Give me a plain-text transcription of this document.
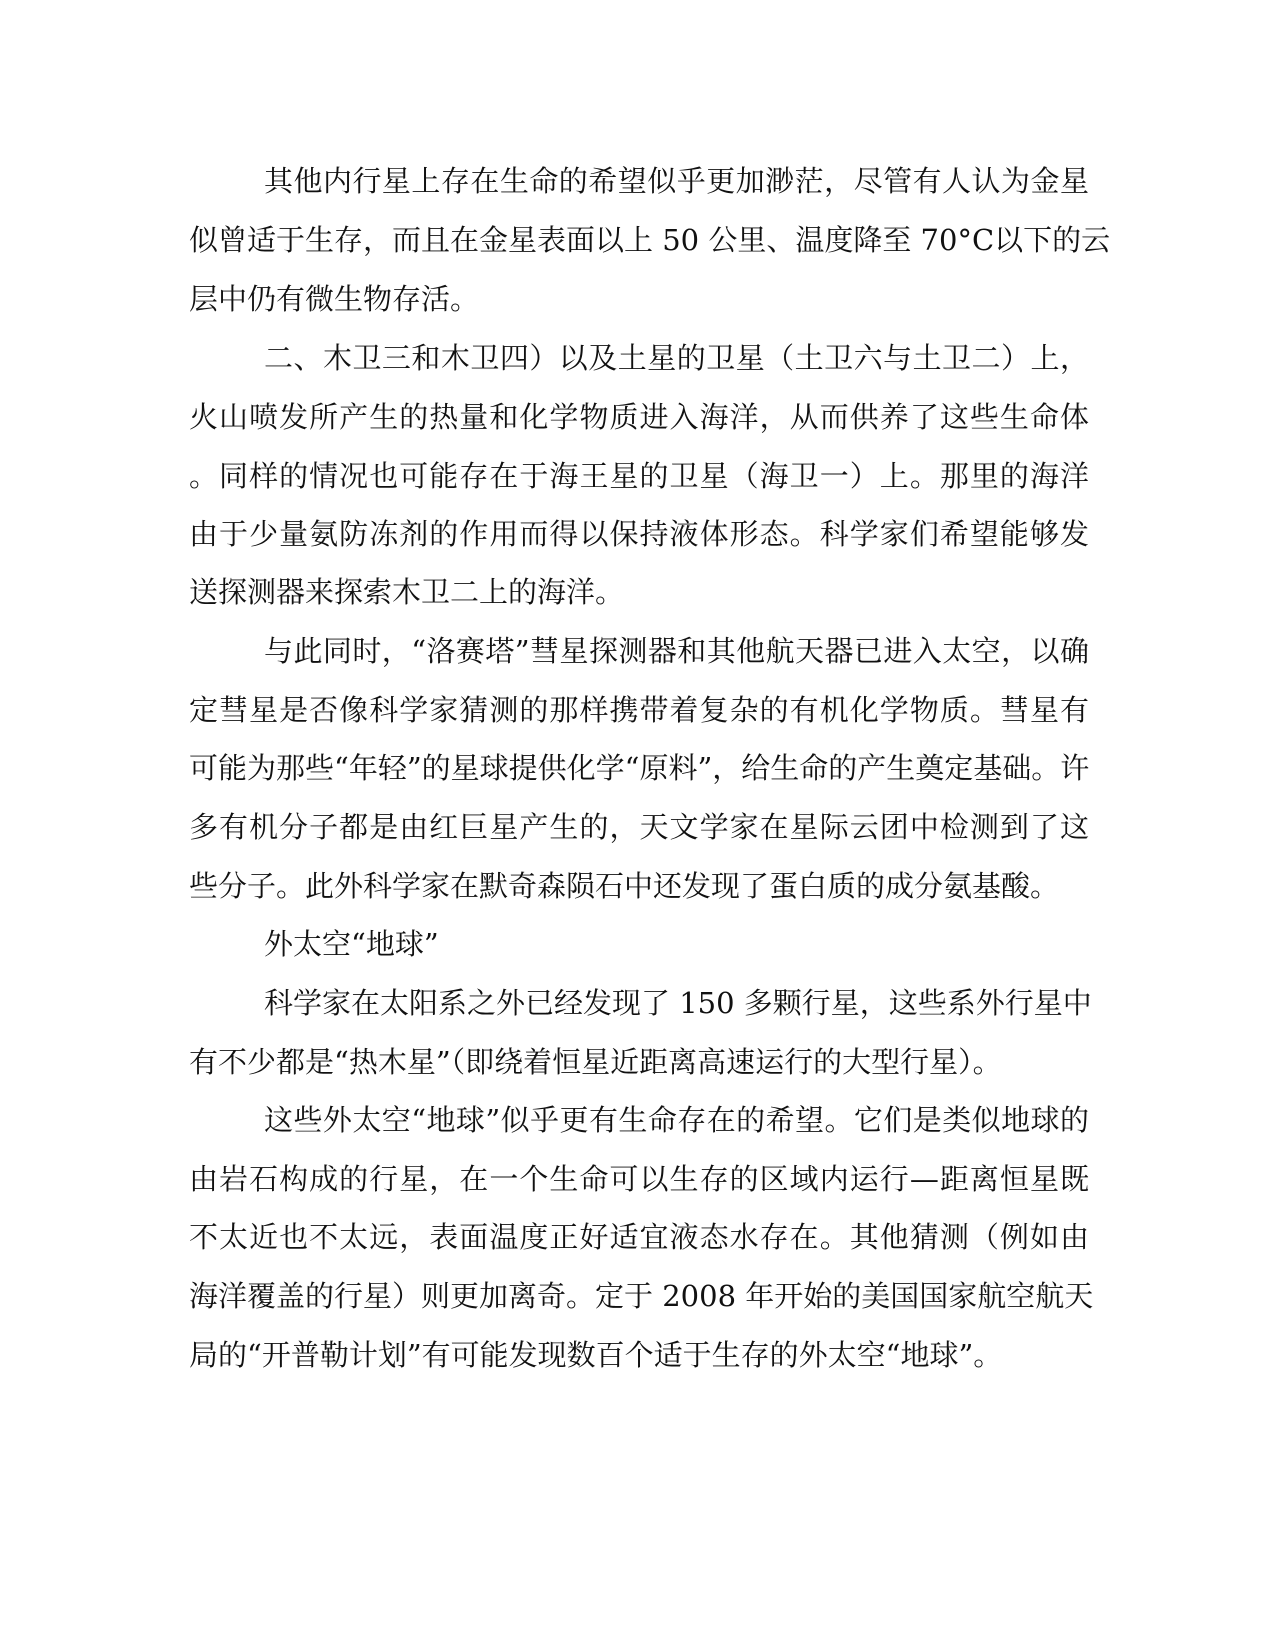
其他内行星上存在生命的希望似乎更加渺茫，尽管有人认为金星
似曾适于生存，而且在金星表面以上 50 公里、温度降至 70°C以下的云
层中仍有微生物存活。
二、木卫三和木卫四）以及土星的卫星（土卫六与土卫二）上，
火山喷发所产生的热量和化学物质进入海洋，从而供养了这些生命体
。同样的情况也可能存在于海王星的卫星（海卫一）上。那里的海洋
由于少量氨防冻剂的作用而得以保持液体形态。科学家们希望能够发
送探测器来探索木卫二上的海洋。
与此同时，“洛赛塔”彗星探测器和其他航天器已进入太空，以确
定彗星是否像科学家猜测的那样携带着复杂的有机化学物质。彗星有
可能为那些“年轻”的星球提供化学“原料”，给生命的产生奠定基础。许
多有机分子都是由红巨星产生的，天文学家在星际云团中检测到了这
些分子。此外科学家在默奇森陨石中还发现了蛋白质的成分氨基酸。
外太空“地球”
科学家在太阳系之外已经发现了 150 多颗行星，这些系外行星中
有不少都是“热木星”（即绕着恒星近距离高速运行的大型行星）。
这些外太空“地球”似乎更有生命存在的希望。它们是类似地球的
由岩石构成的行星，在一个生命可以生存的区域内运行—距离恒星既
不太近也不太远，表面温度正好适宜液态水存在。其他猜测（例如由
海洋覆盖的行星）则更加离奇。定于 2008 年开始的美国国家航空航天
局的“开普勒计划”有可能发现数百个适于生存的外太空“地球”。
